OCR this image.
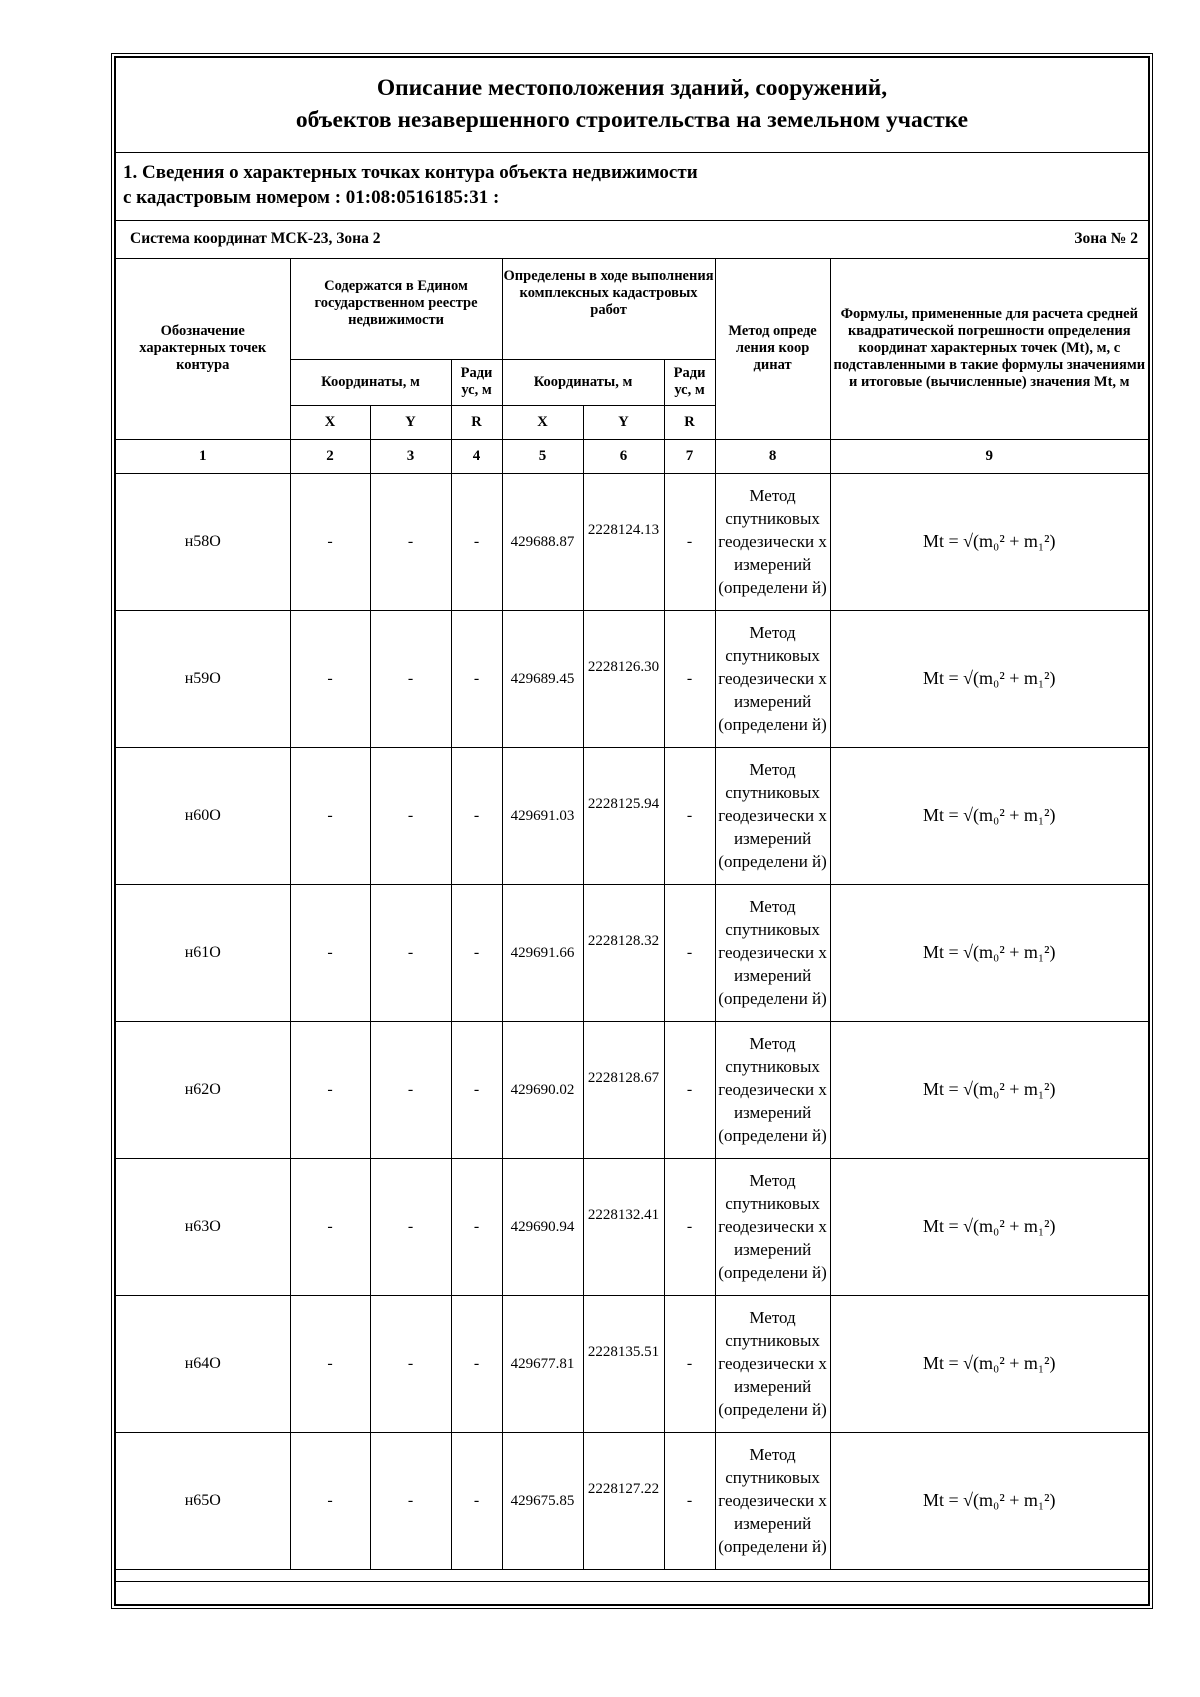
Описание местоположения зданий, сооружений,
объектов незавершенного строительства на земельном участке
1. Сведения о характерных точках контура объекта недвижимости
с кадастровым номером : 01:08:0516185:31 :
Система координат МСК-23, Зона 2	Зона № 2
Обозначение характерных точек контура	Содержатся в Едином государственном реестре недвижимости			Определены в ходе выполнения комплексных кадастровых работ			Метод опреде ления коор динат	Формулы, примененные для расчета средней квадратической погрешности определения координат характерных точек (Mt), м, с подставленными в такие формулы значениями и итоговые (вычисленные) значения Mt, м
	Координаты, м		Ради ус, м	Координаты, м		Ради ус, м		
	X	Y	R	X	Y	R		
1	2	3	4	5	6	7	8	9
н58О	-	-	-	429688.87	2228124.13	-	Метод спутниковых геодезически х измерений (определени й)	Mt = √(m₀² + m₁²)
н59О	-	-	-	429689.45	2228126.30	-	Метод спутниковых геодезически х измерений (определени й)	Mt = √(m₀² + m₁²)
н60О	-	-	-	429691.03	2228125.94	-	Метод спутниковых геодезически х измерений (определени й)	Mt = √(m₀² + m₁²)
н61О	-	-	-	429691.66	2228128.32	-	Метод спутниковых геодезически х измерений (определени й)	Mt = √(m₀² + m₁²)
н62О	-	-	-	429690.02	2228128.67	-	Метод спутниковых геодезически х измерений (определени й)	Mt = √(m₀² + m₁²)
н63О	-	-	-	429690.94	2228132.41	-	Метод спутниковых геодезически х измерений (определени й)	Mt = √(m₀² + m₁²)
н64О	-	-	-	429677.81	2228135.51	-	Метод спутниковых геодезически х измерений (определени й)	Mt = √(m₀² + m₁²)
н65О	-	-	-	429675.85	2228127.22	-	Метод спутниковых геодезически х измерений (определени й)	Mt = √(m₀² + m₁²)
